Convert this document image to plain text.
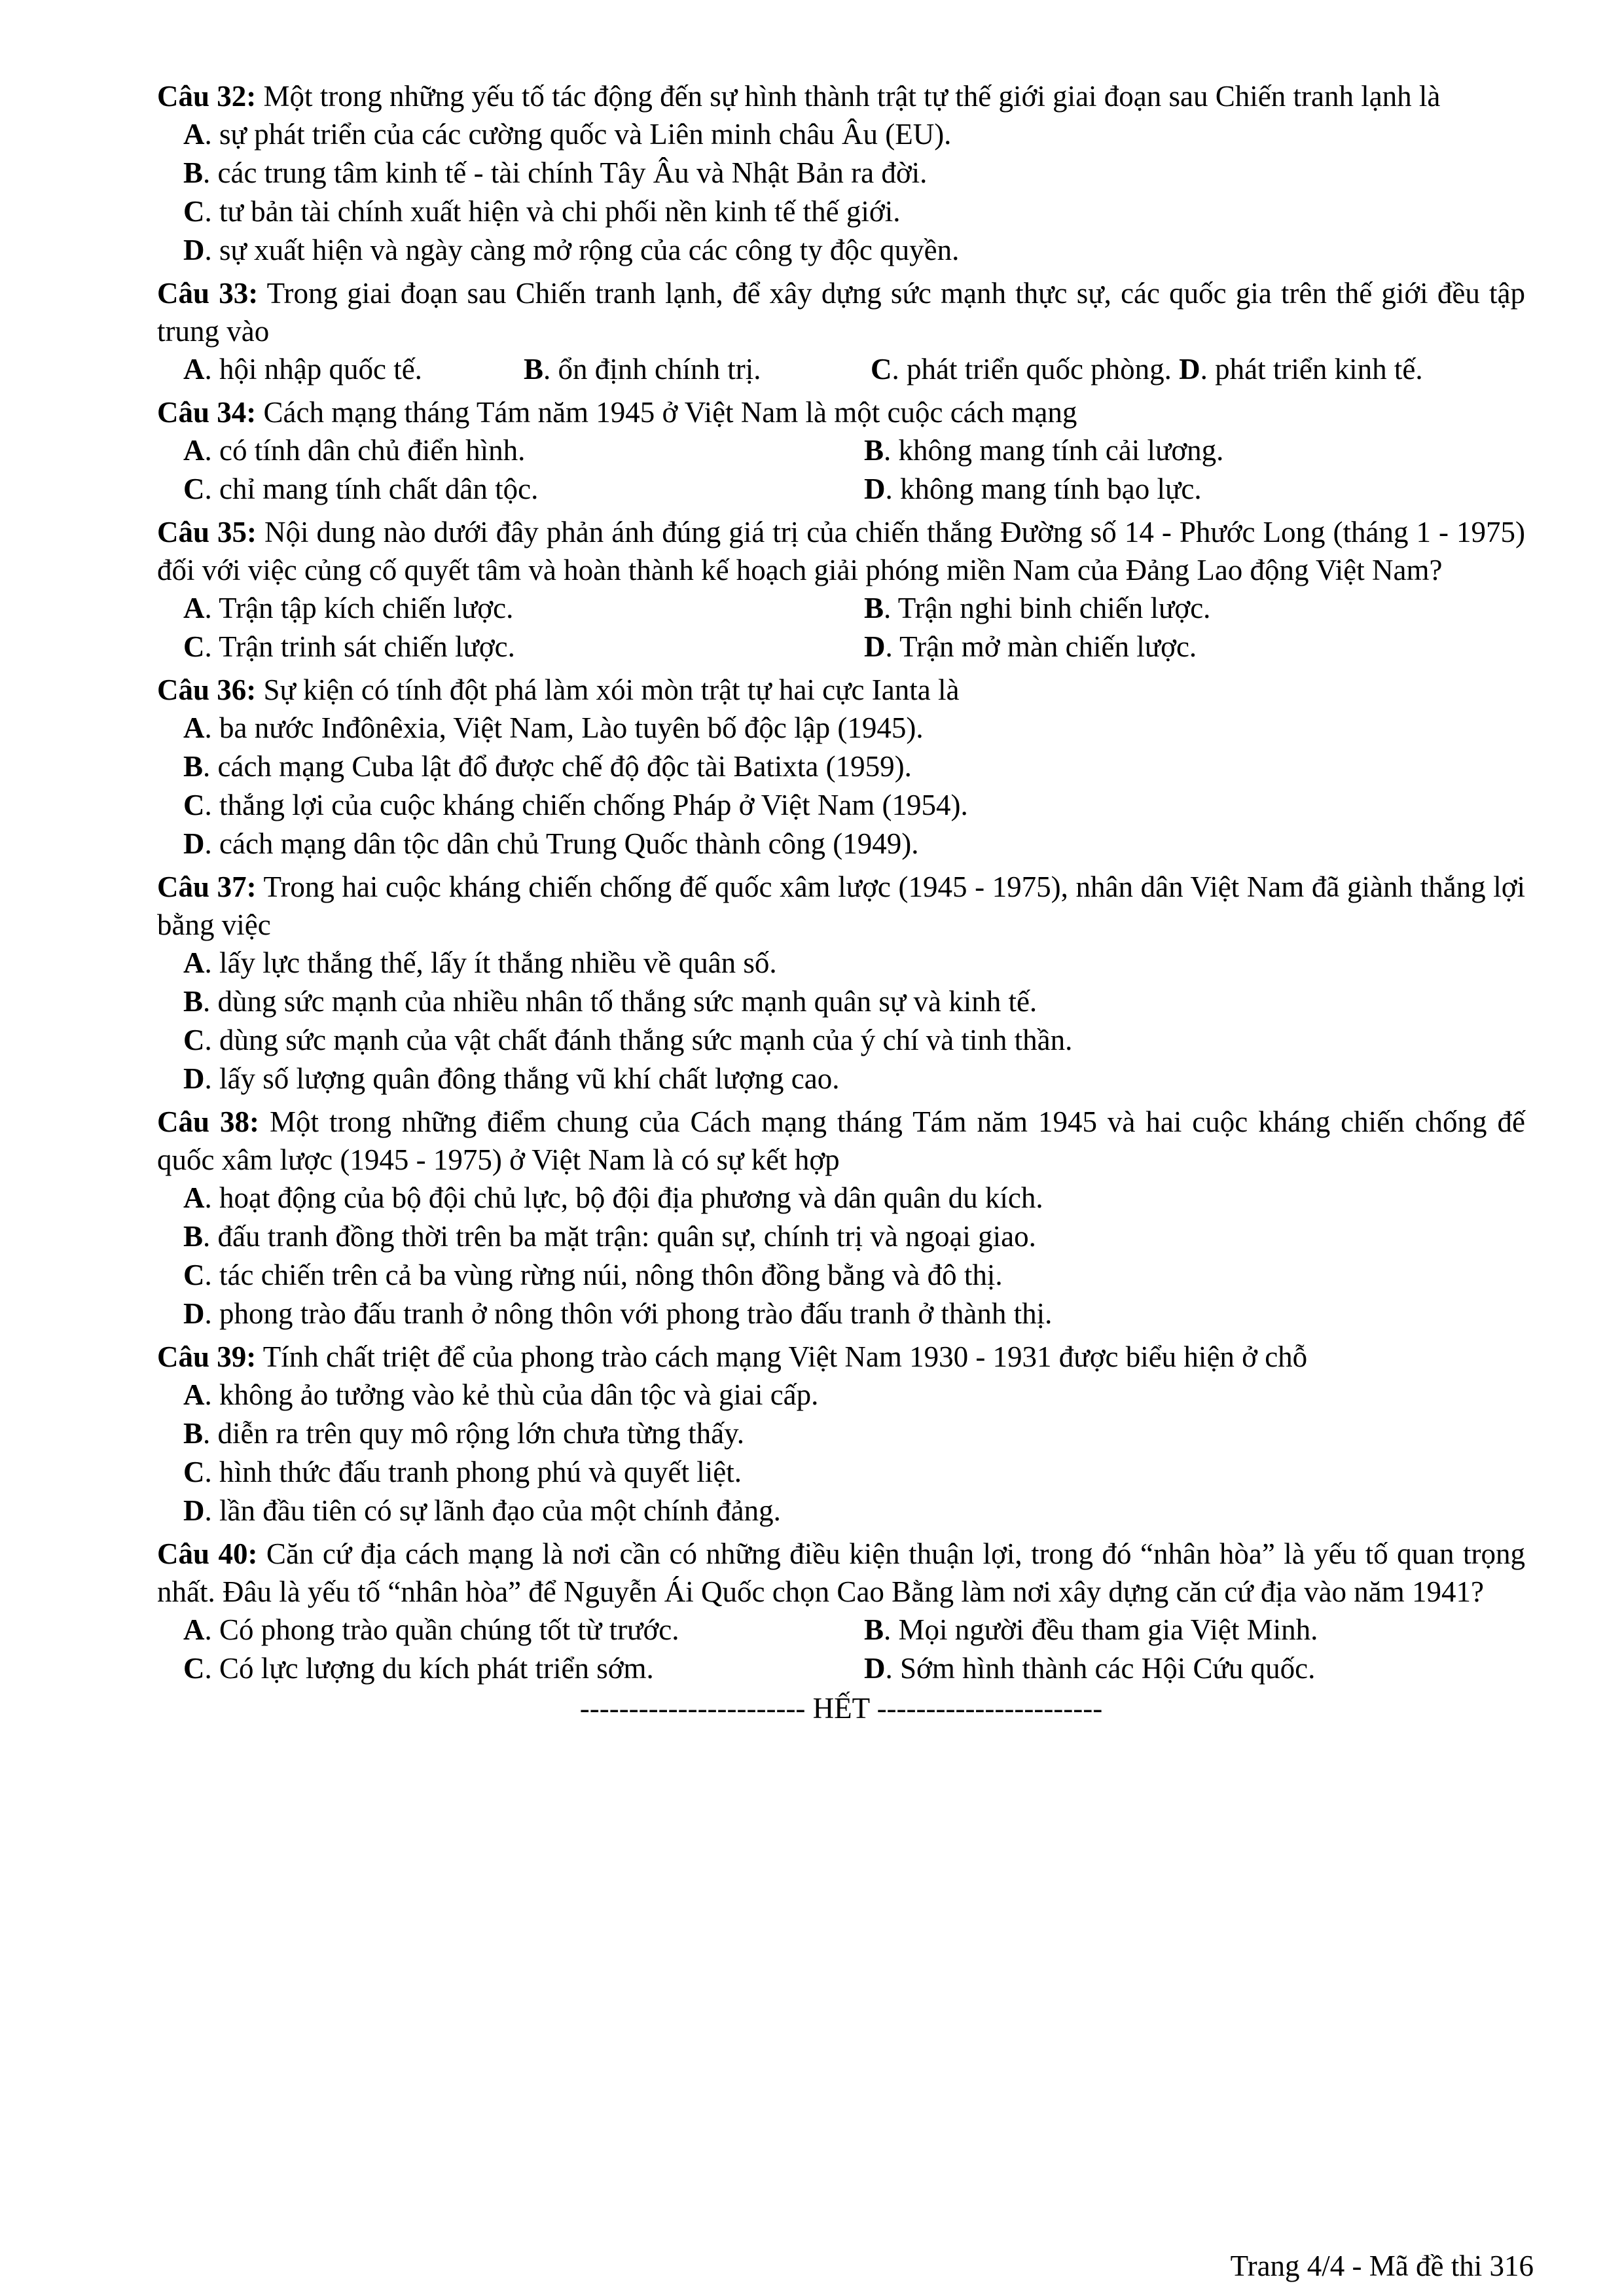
Câu 32: Một trong những yếu tố tác động đến sự hình thành trật tự thế giới giai đoạn sau Chiến tranh lạnh là
A. sự phát triển của các cường quốc và Liên minh châu Âu (EU).
B. các trung tâm kinh tế - tài chính Tây Âu và Nhật Bản ra đời.
C. tư bản tài chính xuất hiện và chi phối nền kinh tế thế giới.
D. sự xuất hiện và ngày càng mở rộng của các công ty độc quyền.
Câu 33: Trong giai đoạn sau Chiến tranh lạnh, để xây dựng sức mạnh thực sự, các quốc gia trên thế giới đều tập trung vào
A. hội nhập quốc tế.	B. ổn định chính trị.	C. phát triển quốc phòng. D. phát triển kinh tế.
Câu 34: Cách mạng tháng Tám năm 1945 ở Việt Nam là một cuộc cách mạng
A. có tính dân chủ điển hình.	B. không mang tính cải lương.
C. chỉ mang tính chất dân tộc.	D. không mang tính bạo lực.
Câu 35: Nội dung nào dưới đây phản ánh đúng giá trị của chiến thắng Đường số 14 - Phước Long (tháng 1 - 1975) đối với việc củng cố quyết tâm và hoàn thành kế hoạch giải phóng miền Nam của Đảng Lao động Việt Nam?
A. Trận tập kích chiến lược.	B. Trận nghi binh chiến lược.
C. Trận trinh sát chiến lược.	D. Trận mở màn chiến lược.
Câu 36: Sự kiện có tính đột phá làm xói mòn trật tự hai cực Ianta là
A. ba nước Inđônêxia, Việt Nam, Lào tuyên bố độc lập (1945).
B. cách mạng Cuba lật đổ được chế độ độc tài Batixta (1959).
C. thắng lợi của cuộc kháng chiến chống Pháp ở Việt Nam (1954).
D. cách mạng dân tộc dân chủ Trung Quốc thành công (1949).
Câu 37: Trong hai cuộc kháng chiến chống đế quốc xâm lược (1945 - 1975), nhân dân Việt Nam đã giành thắng lợi bằng việc
A. lấy lực thắng thế, lấy ít thắng nhiều về quân số.
B. dùng sức mạnh của nhiều nhân tố thắng sức mạnh quân sự và kinh tế.
C. dùng sức mạnh của vật chất đánh thắng sức mạnh của ý chí và tinh thần.
D. lấy số lượng quân đông thắng vũ khí chất lượng cao.
Câu 38: Một trong những điểm chung của Cách mạng tháng Tám năm 1945 và hai cuộc kháng chiến chống đế quốc xâm lược (1945 - 1975) ở Việt Nam là có sự kết hợp
A. hoạt động của bộ đội chủ lực, bộ đội địa phương và dân quân du kích.
B. đấu tranh đồng thời trên ba mặt trận: quân sự, chính trị và ngoại giao.
C. tác chiến trên cả ba vùng rừng núi, nông thôn đồng bằng và đô thị.
D. phong trào đấu tranh ở nông thôn với phong trào đấu tranh ở thành thị.
Câu 39: Tính chất triệt để của phong trào cách mạng Việt Nam 1930 - 1931 được biểu hiện ở chỗ
A. không ảo tưởng vào kẻ thù của dân tộc và giai cấp.
B. diễn ra trên quy mô rộng lớn chưa từng thấy.
C. hình thức đấu tranh phong phú và quyết liệt.
D. lần đầu tiên có sự lãnh đạo của một chính đảng.
Câu 40: Căn cứ địa cách mạng là nơi cần có những điều kiện thuận lợi, trong đó “nhân hòa” là yếu tố quan trọng nhất. Đâu là yếu tố “nhân hòa” để Nguyễn Ái Quốc chọn Cao Bằng làm nơi xây dựng căn cứ địa vào năm 1941?
A. Có phong trào quần chúng tốt từ trước.	B. Mọi người đều tham gia Việt Minh.
C. Có lực lượng du kích phát triển sớm.	D. Sớm hình thành các Hội Cứu quốc.
----------------------- HẾT -----------------------
Trang 4/4 - Mã đề thi 316
